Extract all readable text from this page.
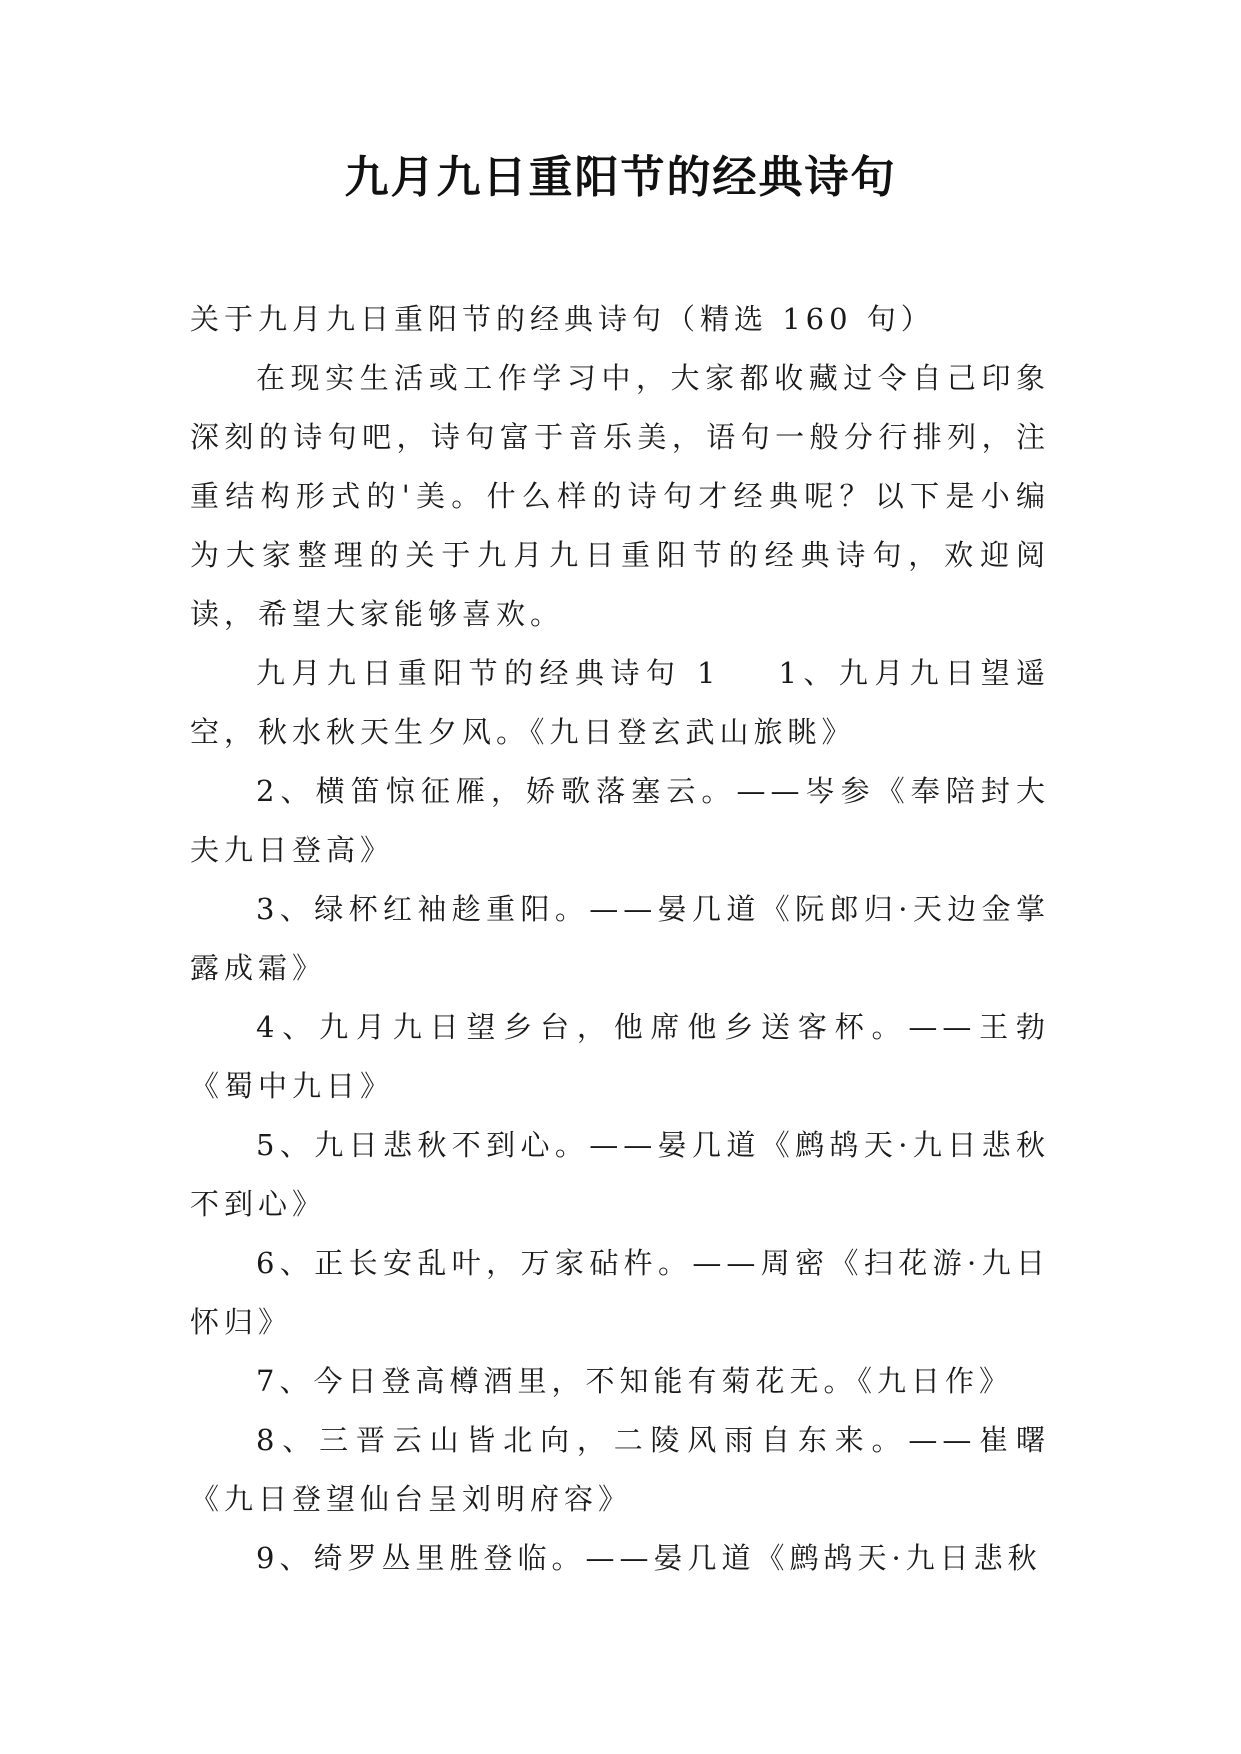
九月九日重阳节的经典诗句

关于九月九日重阳节的经典诗句（精选 160 句）

在现实生活或工作学习中，大家都收藏过令自己印象深刻的诗句吧，诗句富于音乐美，语句一般分行排列，注重结构形式的'美。什么样的诗句才经典呢？以下是小编为大家整理的关于九月九日重阳节的经典诗句，欢迎阅读，希望大家能够喜欢。

九月九日重阳节的经典诗句 1 1、九月九日望遥空，秋水秋天生夕风。《九日登玄武山旅眺》

2、横笛惊征雁，娇歌落塞云。——岑参《奉陪封大夫九日登高》

3、绿杯红袖趁重阳。——晏几道《阮郎归·天边金掌露成霜》

4、九月九日望乡台，他席他乡送客杯。——王勃《蜀中九日》

5、九日悲秋不到心。——晏几道《鹧鸪天·九日悲秋不到心》

6、正长安乱叶，万家砧杵。——周密《扫花游·九日怀归》

7、今日登高樽酒里，不知能有菊花无。《九日作》

8、三晋云山皆北向，二陵风雨自东来。——崔曙《九日登望仙台呈刘明府容》

9、绮罗丛里胜登临。——晏几道《鹧鸪天·九日悲秋
